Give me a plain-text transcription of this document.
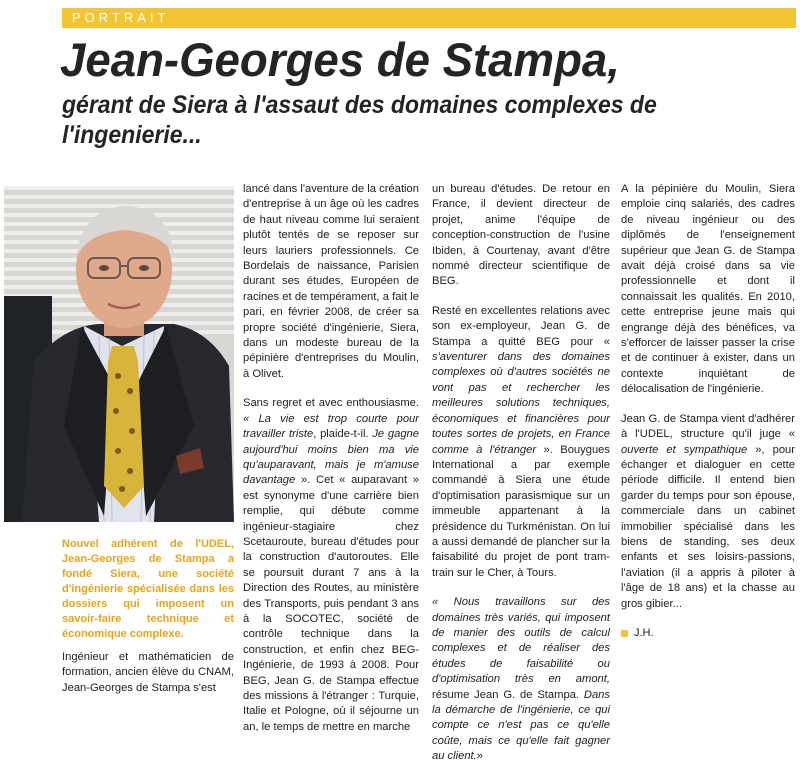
PORTRAIT
Jean-Georges de Stampa,
gérant de Siera à l'assaut des domaines complexes de l'ingenierie...

Nouvel adhérent de l'UDEL, Jean-Georges de Stampa a fondé Siera, une société d'ingénierie spécialisée dans les dossiers qui imposent un savoir-faire technique et économique complexe.

Ingénieur et mathématicien de formation, ancien élève du CNAM, Jean-Georges de Stampa s'est

lancé dans l'aventure de la création d'entreprise à un âge où les cadres de haut niveau comme lui seraient plutôt tentés de se reposer sur leurs lauriers professionnels. Ce Bordelais de naissance, Parisien durant ses études, Européen de racines et de tempérament, a fait le pari, en février 2008, de créer sa propre société d'ingénierie, Siera, dans un modeste bureau de la pépinière d'entreprises du Moulin, à Olivet.

Sans regret et avec enthousiasme. « La vie est trop courte pour travailler triste, plaide-t-il. Je gagne aujourd'hui moins bien ma vie qu'auparavant, mais je m'amuse davantage ». Cet « auparavant » est synonyme d'une carrière bien remplie, qui débute comme ingénieur-stagiaire chez Scetauroute, bureau d'études pour la construction d'autoroutes. Elle se poursuit durant 7 ans à la Direction des Routes, au ministère des Transports, puis pendant 3 ans à la SOCOTEC, société de contrôle technique dans la construction, et enfin chez BEG-Ingénierie, de 1993 à 2008. Pour BEG, Jean G. de Stampa effectue des missions à l'étranger : Turquie, Italie et Pologne, où il séjourne un an, le temps de mettre en marche

un bureau d'études. De retour en France, il devient directeur de projet, anime l'équipe de conception-construction de l'usine Ibiden, à Courtenay, avant d'être nommé directeur scientifique de BEG.

Resté en excellentes relations avec son ex-employeur, Jean G. de Stampa a quitté BEG pour « s'aventurer dans des domaines complexes où d'autres sociétés ne vont pas et rechercher les meilleures solutions techniques, économiques et financières pour toutes sortes de projets, en France comme à l'étranger ». Bouygues International a par exemple commandé à Siera une étude d'optimisation parasismique sur un immeuble appartenant à la présidence du Turkménistan. On lui a aussi demandé de plancher sur la faisabilité du projet de pont tram-train sur le Cher, à Tours.

« Nous travaillons sur des domaines très variés, qui imposent de manier des outils de calcul complexes et de réaliser des études de faisabilité ou d'optimisation très en amont, résume Jean G. de Stampa. Dans la démarche de l'ingénierie, ce qui compte ce n'est pas ce qu'elle coûte, mais ce qu'elle fait gagner au client.»

A la pépinière du Moulin, Siera emploie cinq salariés, des cadres de niveau ingénieur ou des diplômés de l'enseignement supérieur que Jean G. de Stampa avait déjà croisé dans sa vie professionnelle et dont il connaissait les qualités. En 2010, cette entreprise jeune mais qui engrange déjà des bénéfices, va s'efforcer de laisser passer la crise et de continuer à exister, dans un contexte inquiétant de délocalisation de l'ingénierie.

Jean G. de Stampa vient d'adhérer à l'UDEL, structure qu'il juge « ouverte et sympathique », pour échanger et dialoguer en cette période difficile. Il entend bien garder du temps pour son épouse, commerciale dans un cabinet immobilier spécialisé dans les biens de standing, ses deux enfants et ses loisirs-passions, l'aviation (il a appris à piloter à l'âge de 18 ans) et la chasse au gros gibier...

J.H.
